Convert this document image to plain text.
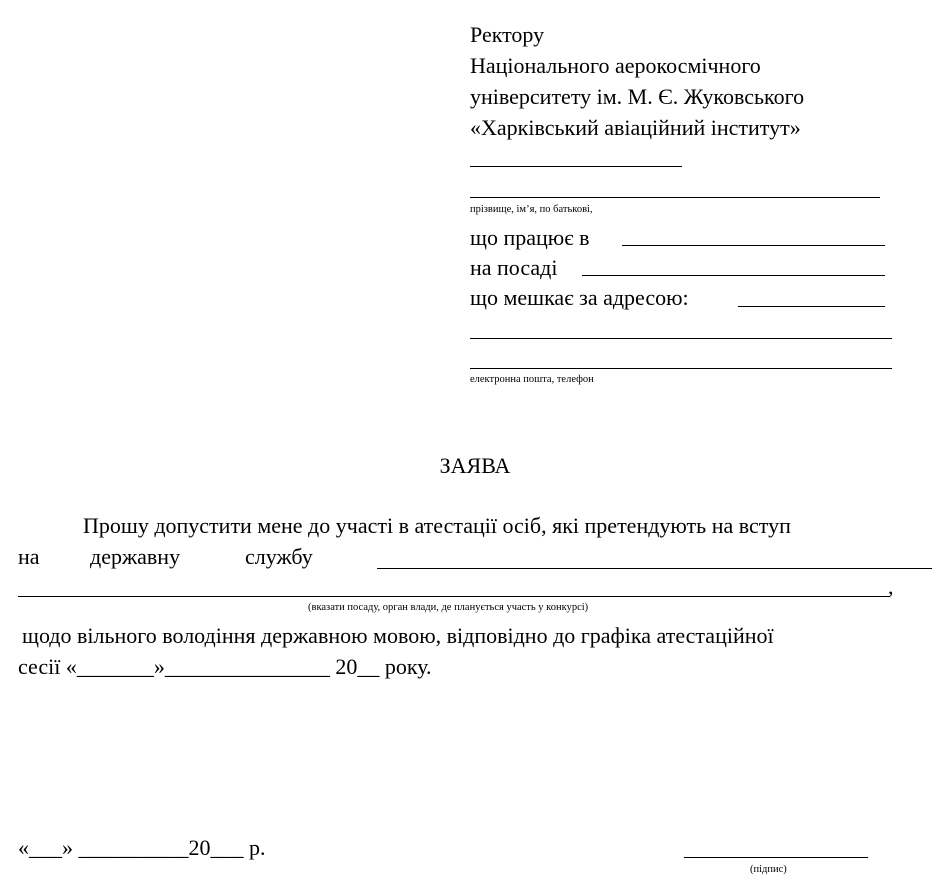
Ректору
Національного аерокосмічного
університету ім. М. Є. Жуковського
«Харківський авіаційний інститут»
прізвище, ім’я, по батькові,
що працює в
на посаді
що мешкає за адресою:
електронна пошта, телефон
ЗАЯВА
Прошу допустити мене до участі в атестації осіб, які претендують на вступ
на державну	службу
,
(вказати посаду, орган влади, де планується участь у конкурсі)
щодо вільного володіння державною мовою, відповідно до графіка атестаційної
сесії «_______»_______________ 20__ року.
«___» __________20___ р.
(підпис)
